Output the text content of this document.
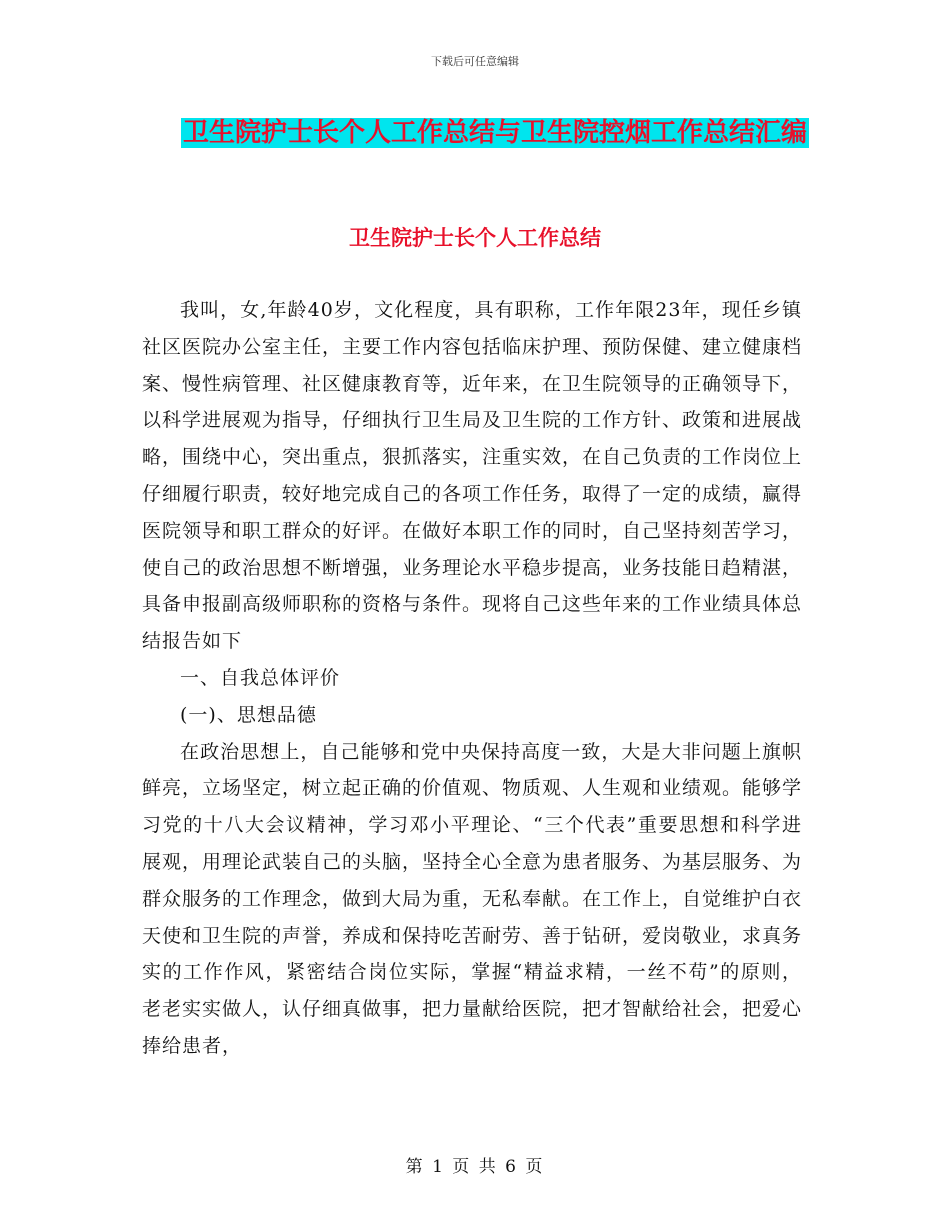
下载后可任意编辑
卫生院护士长个人工作总结与卫生院控烟工作总结汇编
卫生院护士长个人工作总结

我叫，女,年龄40岁，文化程度，具有职称，工作年限23年，现任乡镇社区医院办公室主任，主要工作内容包括临床护理、预防保健、建立健康档案、慢性病管理、社区健康教育等，近年来，在卫生院领导的正确领导下，以科学进展观为指导，仔细执行卫生局及卫生院的工作方针、政策和进展战略，围绕中心，突出重点，狠抓落实，注重实效，在自己负责的工作岗位上仔细履行职责，较好地完成自己的各项工作任务，取得了一定的成绩，赢得医院领导和职工群众的好评。在做好本职工作的同时，自己坚持刻苦学习，使自己的政治思想不断增强，业务理论水平稳步提高，业务技能日趋精湛，具备申报副高级师职称的资格与条件。现将自己这些年来的工作业绩具体总结报告如下

一、自我总体评价

(一)、思想品德

在政治思想上，自己能够和党中央保持高度一致，大是大非问题上旗帜鲜亮，立场坚定，树立起正确的价值观、物质观、人生观和业绩观。能够学习党的十八大会议精神，学习邓小平理论、“三个代表”重要思想和科学进展观，用理论武装自己的头脑，坚持全心全意为患者服务、为基层服务、为群众服务的工作理念，做到大局为重，无私奉献。在工作上，自觉维护白衣天使和卫生院的声誉，养成和保持吃苦耐劳、善于钻研，爱岗敬业，求真务实的工作作风，紧密结合岗位实际，掌握“精益求精，一丝不苟”的原则，老老实实做人，认仔细真做事，把力量献给医院，把才智献给社会，把爱心捧给患者，

第 1 页 共 6 页
